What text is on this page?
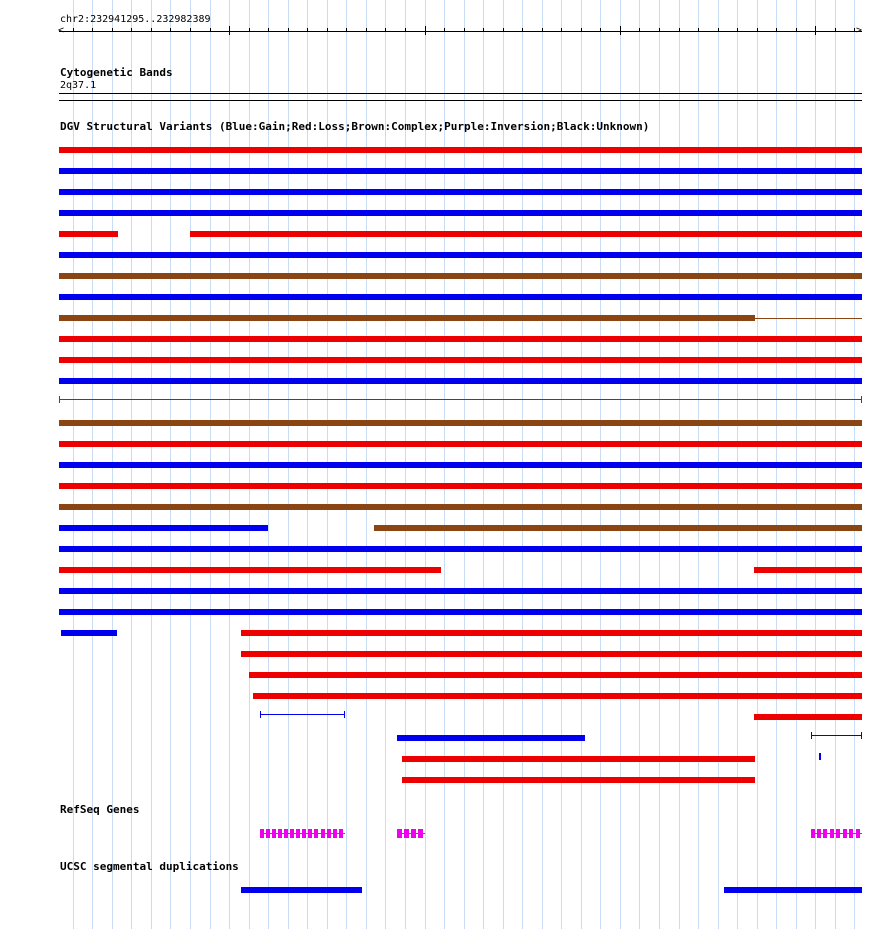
chr2:232941295..232982389
<	>
Cytogenetic Bands
2q37.1
DGV Structural Variants (Blue:Gain;Red:Loss;Brown:Complex;Purple:Inversion;Black:Unknown)
RefSeq Genes
UCSC segmental duplications
